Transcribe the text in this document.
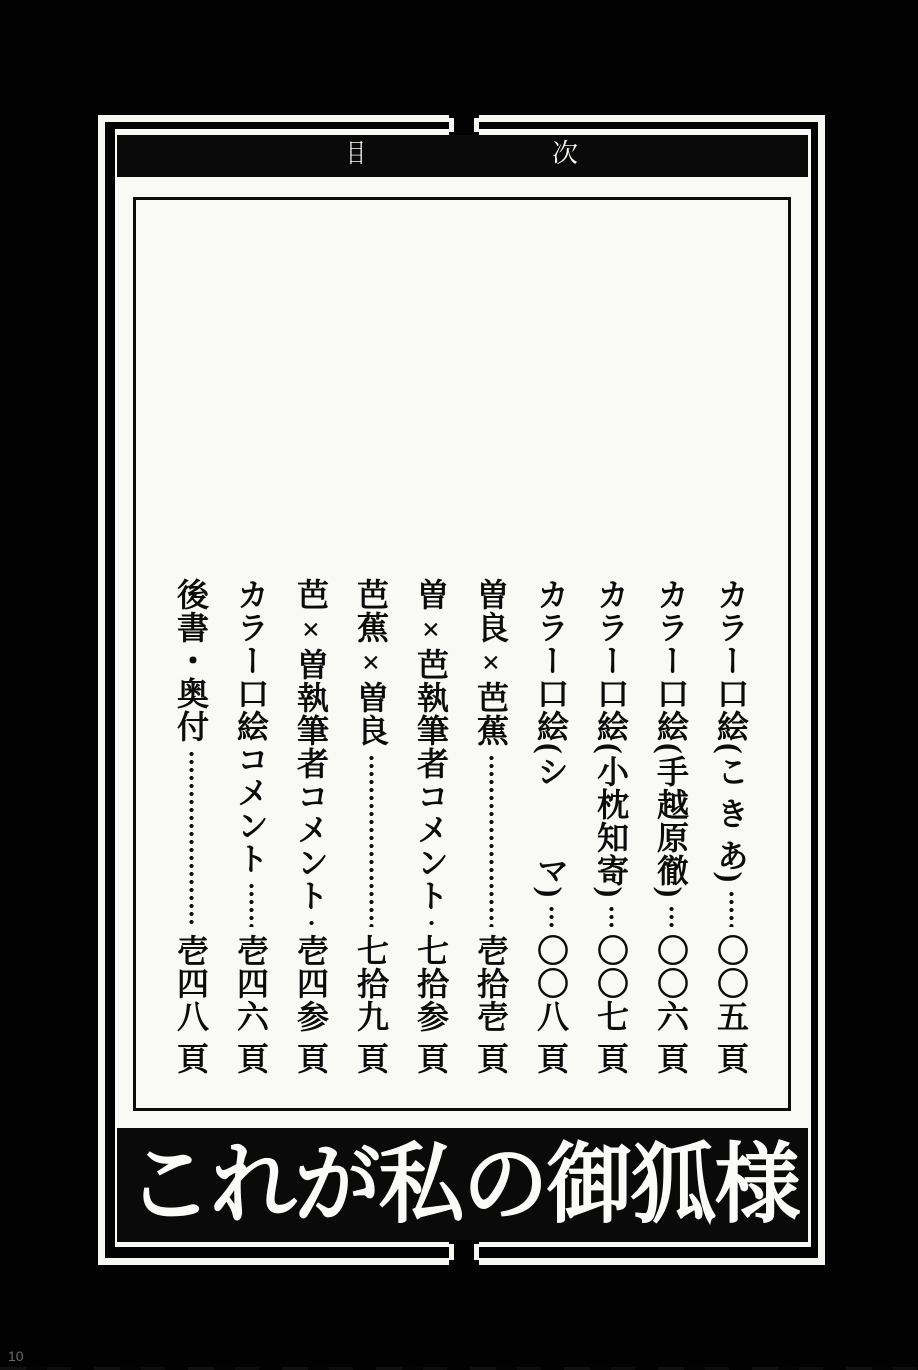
目	次
カラー口絵(こ き あ)
〇〇五 頁
カラー口絵(手越原徹)
〇〇六 頁
カラー口絵(小枕知寄)
〇〇七 頁
カラー口絵(シ　　マ)
〇〇八 頁
曽良×芭蕉
壱拾壱 頁
曽×芭執筆者コメント
七拾参 頁
芭蕉×曽良
七拾九 頁
芭×曽執筆者コメント
壱四参 頁
カラー口絵コメント
壱四六 頁
後書・奥付
壱四八 頁
これが私の御狐様
10
